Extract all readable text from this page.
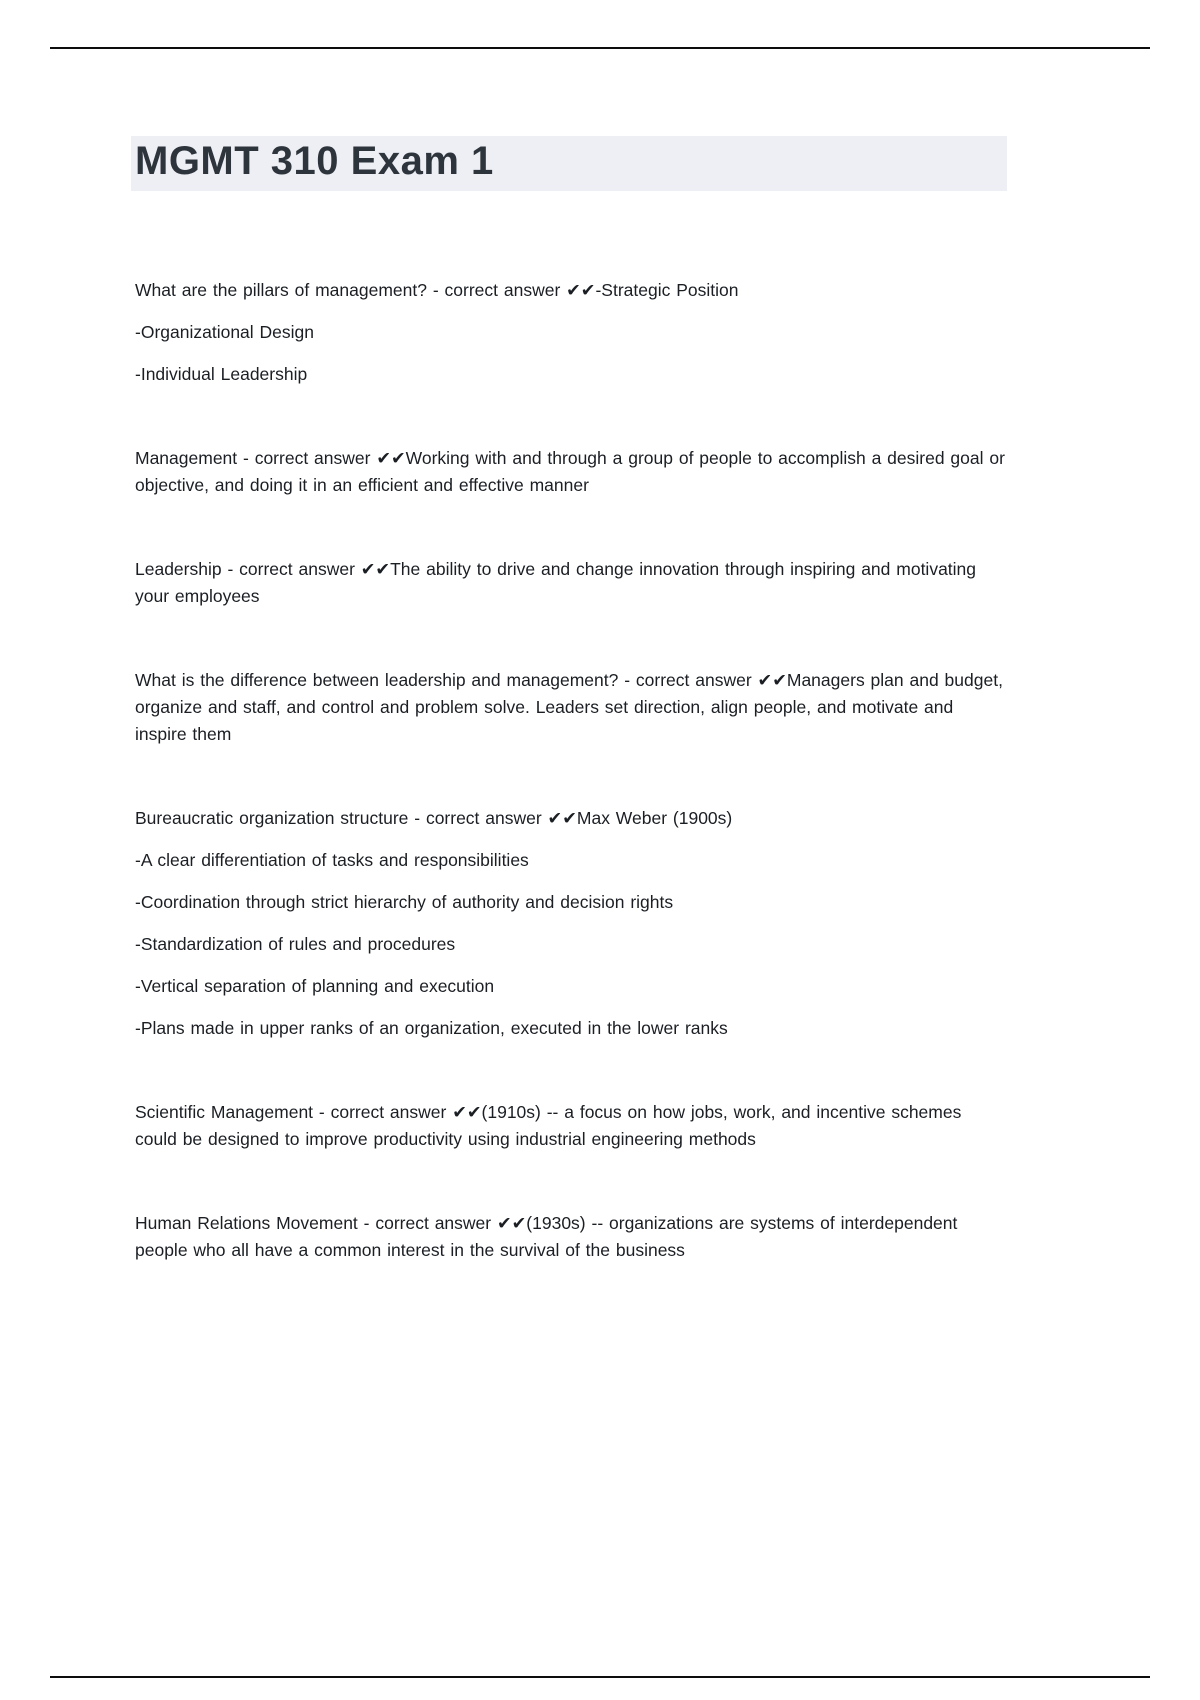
MGMT 310 Exam 1

What are the pillars of management? - correct answer ✔✔-Strategic Position

-Organizational Design

-Individual Leadership

Management - correct answer ✔✔Working with and through a group of people to accomplish a desired goal or objective, and doing it in an efficient and effective manner

Leadership - correct answer ✔✔The ability to drive and change innovation through inspiring and motivating your employees

What is the difference between leadership and management? - correct answer ✔✔Managers plan and budget, organize and staff, and control and problem solve. Leaders set direction, align people, and motivate and inspire them

Bureaucratic organization structure - correct answer ✔✔Max Weber (1900s)

-A clear differentiation of tasks and responsibilities

-Coordination through strict hierarchy of authority and decision rights

-Standardization of rules and procedures

-Vertical separation of planning and execution

-Plans made in upper ranks of an organization, executed in the lower ranks

Scientific Management - correct answer ✔✔(1910s) -- a focus on how jobs, work, and incentive schemes could be designed to improve productivity using industrial engineering methods

Human Relations Movement - correct answer ✔✔(1930s) -- organizations are systems of interdependent people who all have a common interest in the survival of the business
